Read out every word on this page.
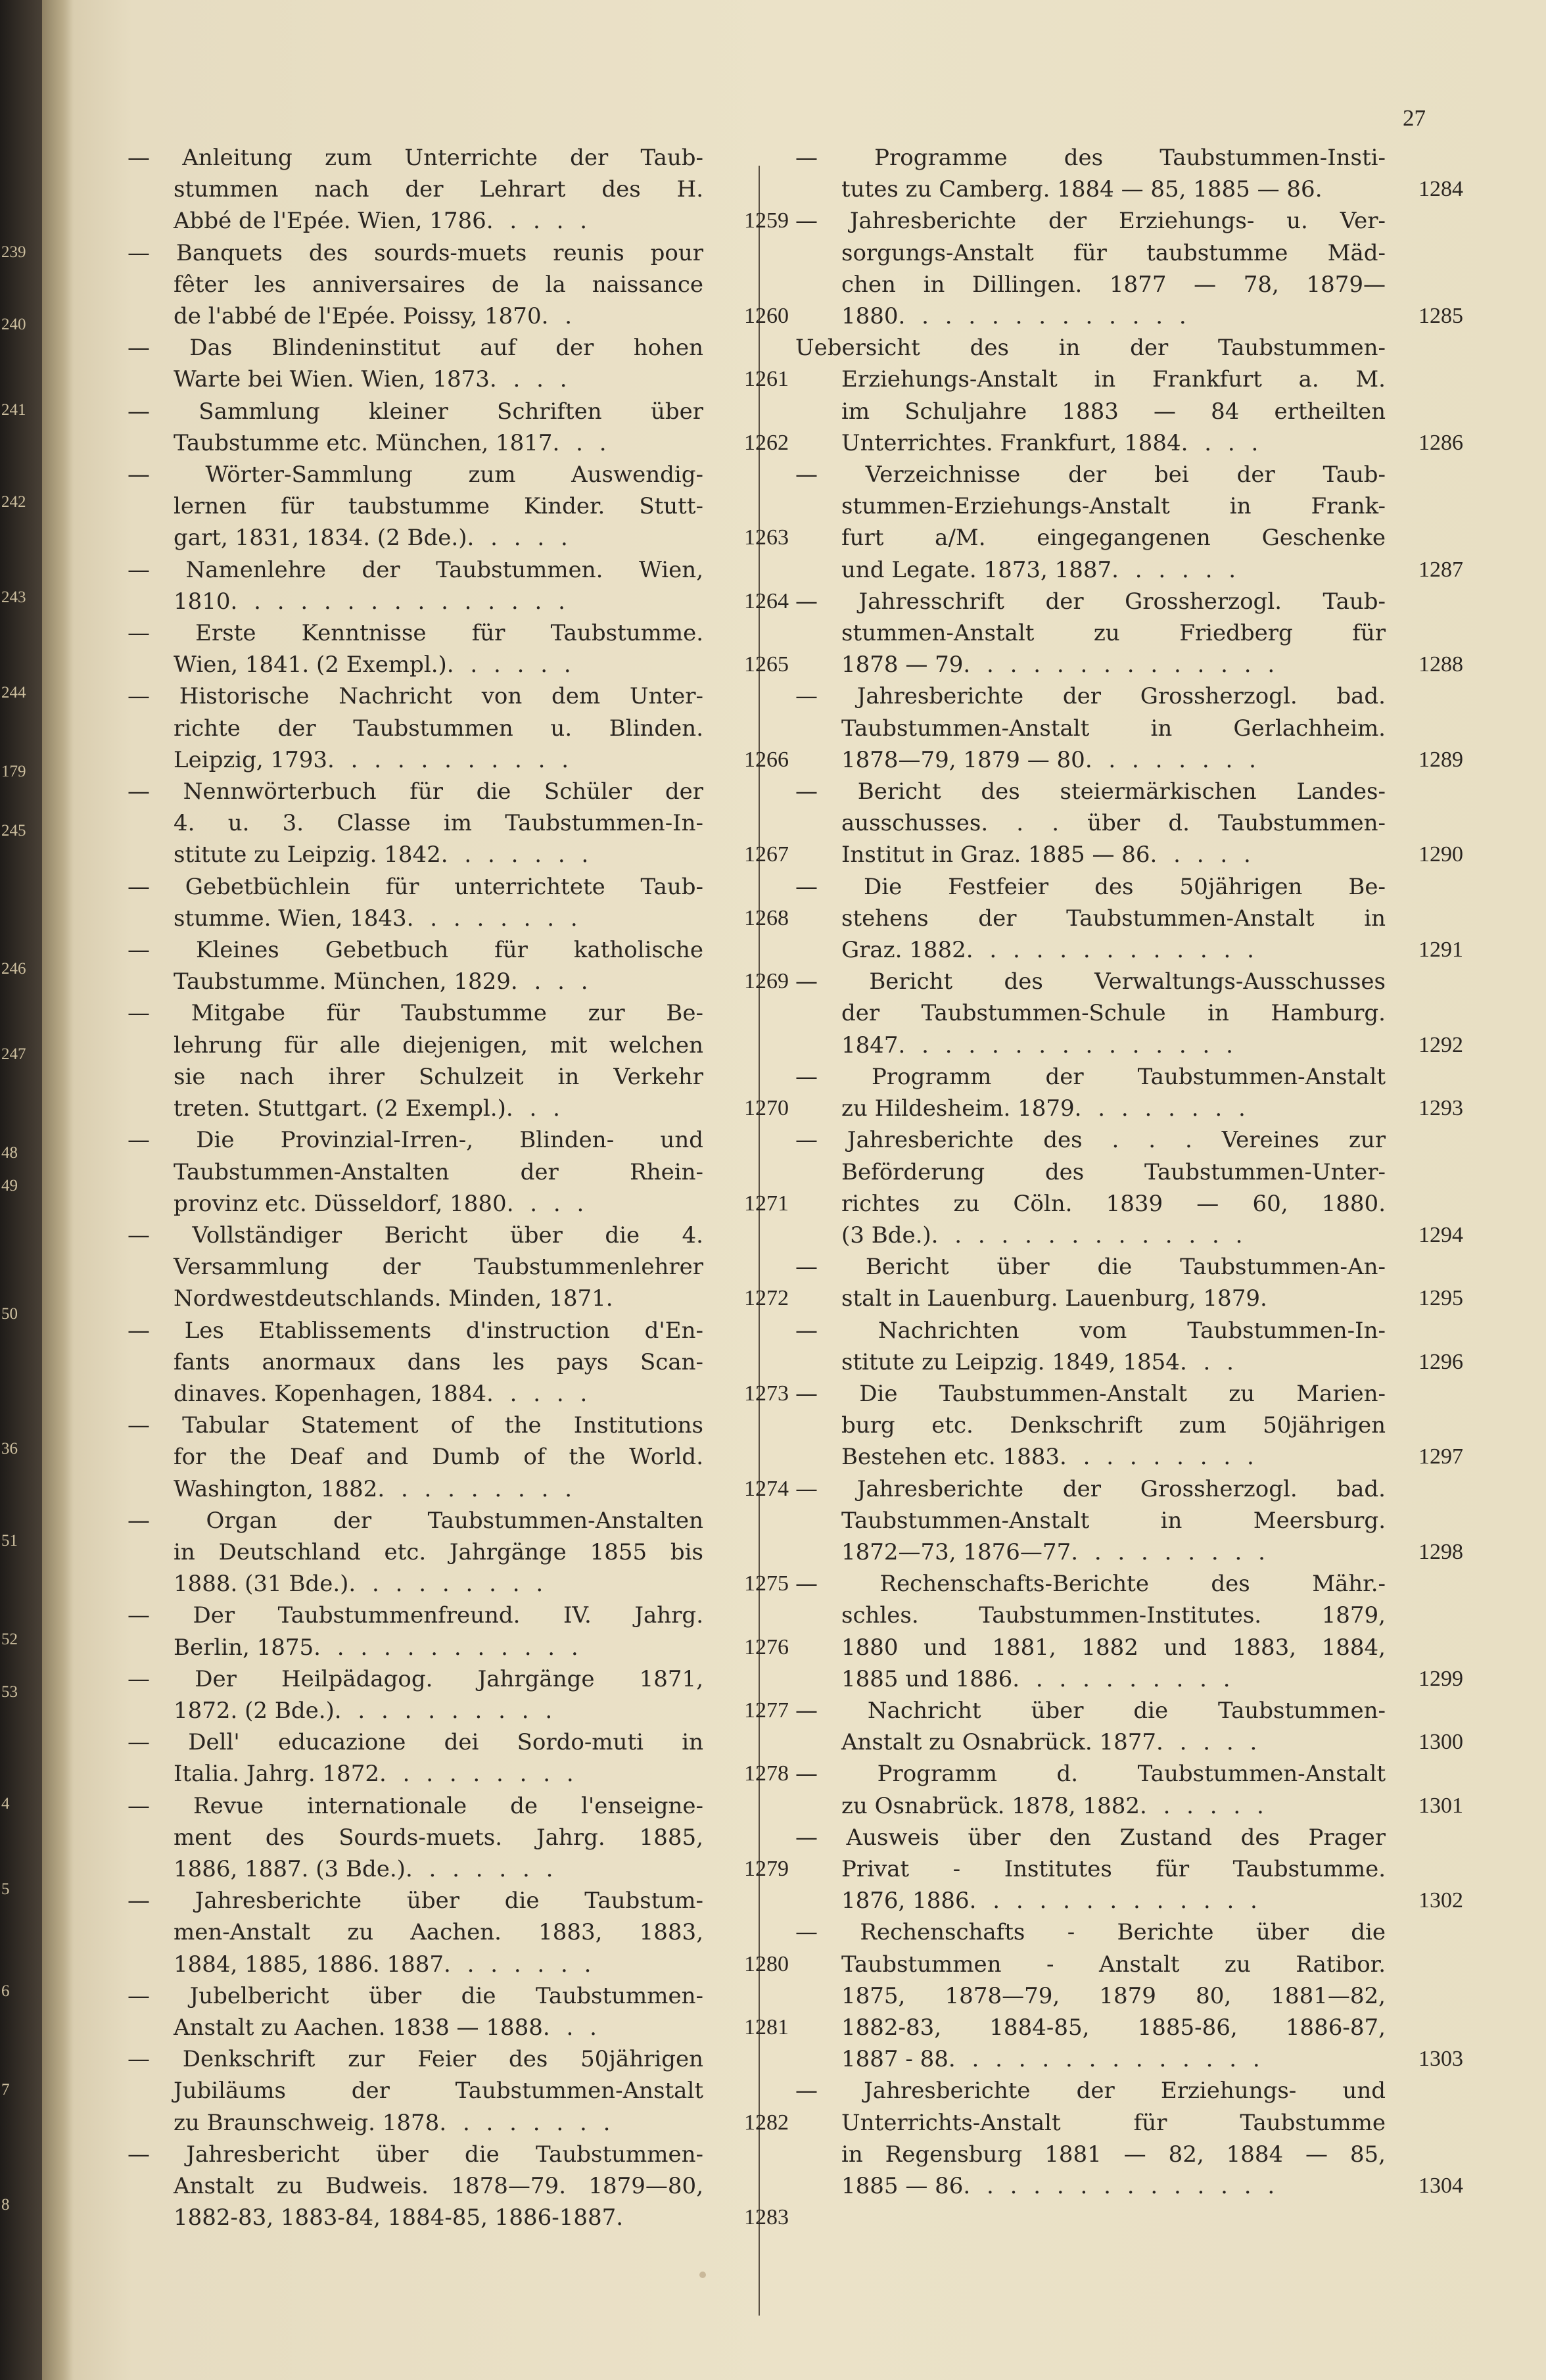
239
240
241
242
243
244
179
245
246
247
48
49
50
36
51
52
53
4
5
6
7
8
27
— Anleitung zum Unterrichte der Taub-
stummen nach der Lehrart des H.
Abbé de l'Epée. Wien, 1786 . . . . .	1259
— Banquets des sourds-muets reunis pour
fêter les anniversaires de la naissance
de l'abbé de l'Epée. Poissy, 1870 . .	1260
— Das Blindeninstitut auf der hohen
Warte bei Wien. Wien, 1873 . . . .	1261
— Sammlung kleiner Schriften über
Taubstumme etc. München, 1817 . . .	1262
— Wörter-Sammlung zum Auswendig-
lernen für taubstumme Kinder. Stutt-
gart, 1831, 1834. (2 Bde.) . . . . .	1263
— Namenlehre der Taubstummen. Wien,
1810 . . . . . . . . . . . . . . .	1264
— Erste Kenntnisse für Taubstumme.
Wien, 1841. (2 Exempl.) . . . . . .	1265
— Historische Nachricht von dem Unter-
richte der Taubstummen u. Blinden.
Leipzig, 1793 . . . . . . . . . . .	1266
— Nennwörterbuch für die Schüler der
4. u. 3. Classe im Taubstummen-In-
stitute zu Leipzig. 1842 . . . . . . .	1267
— Gebetbüchlein für unterrichtete Taub-
stumme. Wien, 1843 . . . . . . . .	1268
— Kleines Gebetbuch für katholische
Taubstumme. München, 1829 . . . .	1269
— Mitgabe für Taubstumme zur Be-
lehrung für alle diejenigen, mit welchen
sie nach ihrer Schulzeit in Verkehr
treten. Stuttgart. (2 Exempl.) . . .	1270
— Die Provinzial-Irren-, Blinden- und
Taubstummen-Anstalten der Rhein-
provinz etc. Düsseldorf, 1880 . . . .	1271
— Vollständiger Bericht über die 4.
Versammlung der Taubstummenlehrer
Nordwestdeutschlands. Minden, 1871 .	1272
— Les Etablissements d'instruction d'En-
fants anormaux dans les pays Scan-
dinaves. Kopenhagen, 1884 . . . . .	1273
— Tabular Statement of the Institutions
for the Deaf and Dumb of the World.
Washington, 1882 . . . . . . . . .	1274
— Organ der Taubstummen-Anstalten
in Deutschland etc. Jahrgänge 1855 bis
1888. (31 Bde.) . . . . . . . . .	1275
— Der Taubstummenfreund. IV. Jahrg.
Berlin, 1875 . . . . . . . . . . . .	1276
— Der Heilpädagog. Jahrgänge 1871,
1872. (2 Bde.) . . . . . . . . . .	1277
— Dell' educazione dei Sordo-muti in
Italia. Jahrg. 1872 . . . . . . . . .	1278
— Revue internationale de l'enseigne-
ment des Sourds-muets. Jahrg. 1885,
1886, 1887. (3 Bde.) . . . . . . .	1279
— Jahresberichte über die Taubstum-
men-Anstalt zu Aachen. 1883, 1883,
1884, 1885, 1886. 1887 . . . . . . .	1280
— Jubelbericht über die Taubstummen-
Anstalt zu Aachen. 1838 — 1888 . . .	1281
— Denkschrift zur Feier des 50jährigen
Jubiläums der Taubstummen-Anstalt
zu Braunschweig. 1878 . . . . . . . .	1282
— Jahresbericht über die Taubstummen-
Anstalt zu Budweis. 1878—79. 1879—80,
1882-83, 1883-84, 1884-85, 1886-1887.	1283
— Programme des Taubstummen-Insti-
tutes zu Camberg. 1884 — 85, 1885 — 86.	1284
— Jahresberichte der Erziehungs- u. Ver-
sorgungs-Anstalt für taubstumme Mäd-
chen in Dillingen. 1877 — 78, 1879—
1880 . . . . . . . . . . . . .	1285
Uebersicht des in der Taubstummen-
Erziehungs-Anstalt in Frankfurt a. M.
im Schuljahre 1883 — 84 ertheilten
Unterrichtes. Frankfurt, 1884 . . . .	1286
— Verzeichnisse der bei der Taub-
stummen-Erziehungs-Anstalt in Frank-
furt a/M. eingegangenen Geschenke
und Legate. 1873, 1887 . . . . . .	1287
— Jahresschrift der Grossherzogl. Taub-
stummen-Anstalt zu Friedberg für
1878 — 79 . . . . . . . . . . . . . .	1288
— Jahresberichte der Grossherzogl. bad.
Taubstummen-Anstalt in Gerlachheim.
1878—79, 1879 — 80 . . . . . . . .	1289
— Bericht des steiermärkischen Landes-
ausschusses. . . über d. Taubstummen-
Institut in Graz. 1885 — 86 . . . . .	1290
— Die Festfeier des 50jährigen Be-
stehens der Taubstummen-Anstalt in
Graz. 1882 . . . . . . . . . . . . .	1291
— Bericht des Verwaltungs-Ausschusses
der Taubstummen-Schule in Hamburg.
1847 . . . . . . . . . . . . . . .	1292
— Programm der Taubstummen-Anstalt
zu Hildesheim. 1879 . . . . . . . .	1293
— Jahresberichte des . . . Vereines zur
Beförderung des Taubstummen-Unter-
richtes zu Cöln. 1839 — 60, 1880.
(3 Bde.) . . . . . . . . . . . . . .	1294
— Bericht über die Taubstummen-An-
stalt in Lauenburg. Lauenburg, 1879.	1295
— Nachrichten vom Taubstummen-In-
stitute zu Leipzig. 1849, 1854 . . .	1296
— Die Taubstummen-Anstalt zu Marien-
burg etc. Denkschrift zum 50jährigen
Bestehen etc. 1883 . . . . . . . . .	1297
— Jahresberichte der Grossherzogl. bad.
Taubstummen-Anstalt in Meersburg.
1872—73, 1876—77 . . . . . . . . .	1298
— Rechenschafts-Berichte des Mähr.-
schles. Taubstummen-Institutes. 1879,
1880 und 1881, 1882 und 1883, 1884,
1885 und 1886 . . . . . . . . . .	1299
— Nachricht über die Taubstummen-
Anstalt zu Osnabrück. 1877 . . . . .	1300
— Programm d. Taubstummen-Anstalt
zu Osnabrück. 1878, 1882 . . . . . .	1301
— Ausweis über den Zustand des Prager
Privat - Institutes für Taubstumme.
1876, 1886 . . . . . . . . . . . . .	1302
— Rechenschafts - Berichte über die
Taubstummen - Anstalt zu Ratibor.
1875, 1878—79, 1879 80, 1881—82,
1882-83, 1884-85, 1885-86, 1886-87,
1887 - 88 . . . . . . . . . . . . . .	1303
— Jahresberichte der Erziehungs- und
Unterrichts-Anstalt für Taubstumme
in Regensburg 1881 — 82, 1884 — 85,
1885 — 86 . . . . . . . . . . . . . .	1304
